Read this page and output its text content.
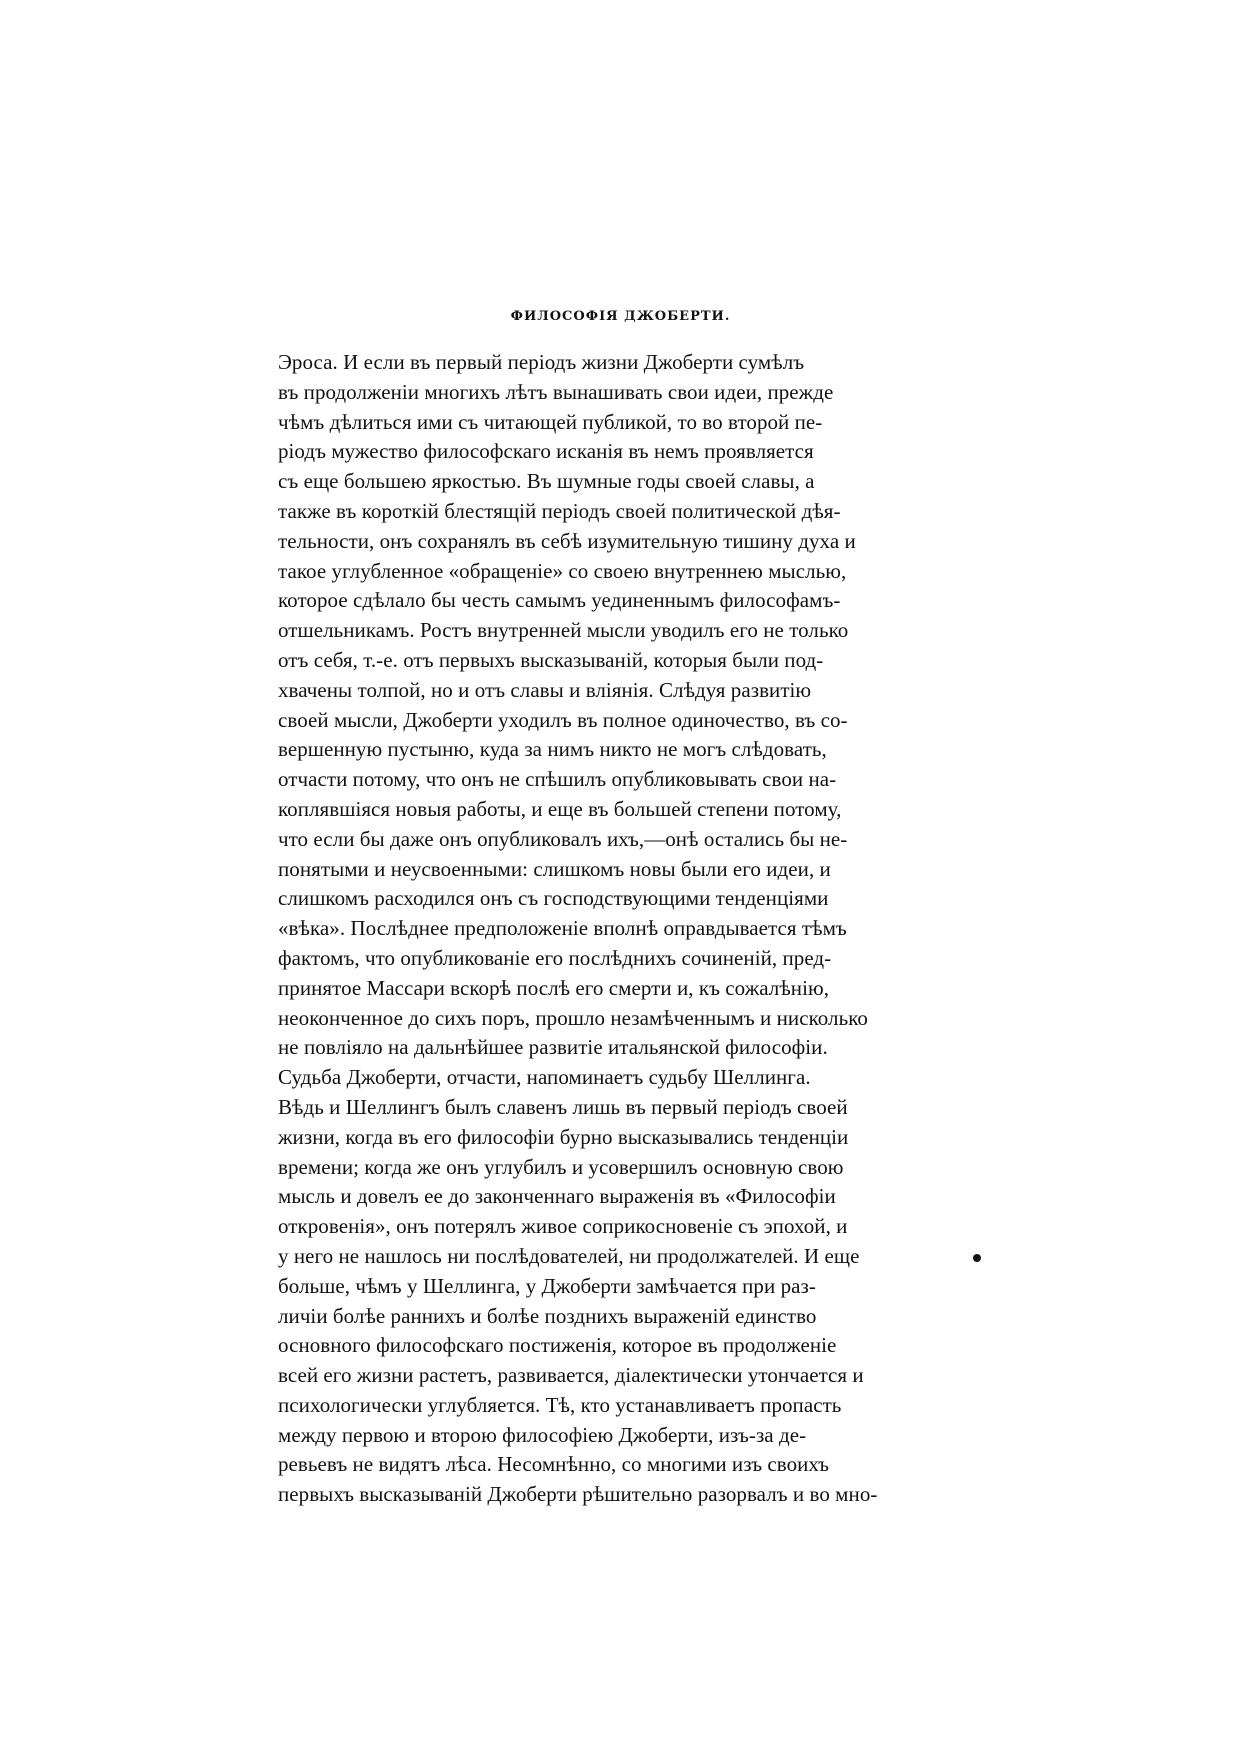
ФИЛОСОФІЯ ДЖОБЕРТИ.
Эроса. И если въ первый періодъ жизни Джоберти сумѣлъ
въ продолженіи многихъ лѣтъ вынашивать свои идеи, прежде
чѣмъ дѣлиться ими съ читающей публикой, то во второй пе-
ріодъ мужество философскаго исканія въ немъ проявляется
съ еще большею яркостью. Въ шумные годы своей славы, а
также въ короткій блестящій періодъ своей политической дѣя-
тельности, онъ сохранялъ въ себѣ изумительную тишину духа и
такое углубленное «обращеніе» со своею внутреннею мыслью,
которое сдѣлало бы честь самымъ уединеннымъ философамъ-
отшельникамъ. Ростъ внутренней мысли уводилъ его не только
отъ себя, т.-е. отъ первыхъ высказываній, которыя были под-
хвачены толпой, но и отъ славы и вліянія. Слѣдуя развитію
своей мысли, Джоберти уходилъ въ полное одиночество, въ со-
вершенную пустыню, куда за нимъ никто не могъ слѣдовать,
отчасти потому, что онъ не спѣшилъ опубликовывать свои на-
коплявшіяся новыя работы, и еще въ большей степени потому,
что если бы даже онъ опубликовалъ ихъ,—онѣ остались бы не-
понятыми и неусвоенными: слишкомъ новы были его идеи, и
слишкомъ расходился онъ съ господствующими тенденціями
«вѣка». Послѣднее предположеніе вполнѣ оправдывается тѣмъ
фактомъ, что опубликованіе его послѣднихъ сочиненій, пред-
принятое Массари вскорѣ послѣ его смерти и, къ сожалѣнію,
неоконченное до сихъ поръ, прошло незамѣченнымъ и нисколько
не повліяло на дальнѣйшее развитіе итальянской философіи.
Судьба Джоберти, отчасти, напоминаетъ судьбу Шеллинга.
Вѣдь и Шеллингъ былъ славенъ лишь въ первый періодъ своей
жизни, когда въ его философіи бурно высказывались тенденціи
времени; когда же онъ углубилъ и усовершилъ основную свою
мысль и довелъ ее до законченнаго выраженія въ «Философіи
откровенія», онъ потерялъ живое соприкосновеніе съ эпохой, и
у него не нашлось ни послѣдователей, ни продолжателей. И еще
больше, чѣмъ у Шеллинга, у Джоберти замѣчается при раз-
личіи болѣе раннихъ и болѣе позднихъ выраженій единство
основного философскаго постиженія, которое въ продолженіе
всей его жизни растетъ, развивается, діалектически утончается и
психологически углубляется. Тѣ, кто устанавливаетъ пропасть
между первою и второю философіею Джоберти, изъ-за де-
ревьевъ не видятъ лѣса. Несомнѣнно, со многими изъ своихъ
первыхъ высказываній Джоберти рѣшительно разорвалъ и во мно-
